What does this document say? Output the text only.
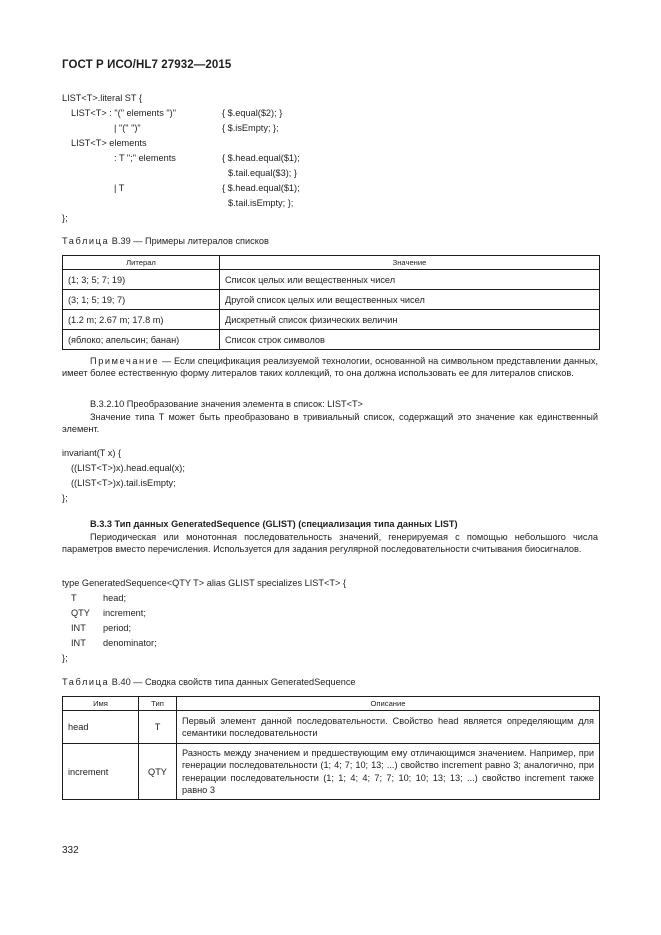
ГОСТ Р ИСО/HL7 27932—2015
LIST<T>.literal ST {
LIST<T> : "(" elements ")"	{ $.equal($2); }
| "(" ")"	{ $.isEmpty; };
LIST<T> elements
: T ";" elements	{ $.head.equal($1);
$.tail.equal($3); }
| T	{ $.head.equal($1);
$.tail.isEmpty; };
};
Таблица B.39 — Примеры литералов списков
Литерал	Значение
(1; 3; 5; 7; 19)	Список целых или вещественных чисел
(3; 1; 5; 19; 7)	Другой список целых или вещественных чисел
(1.2 m; 2.67 m; 17.8 m)	Дискретный список физических величин
(яблоко; апельсин; банан)	Список строк символов
Примечание — Если спецификация реализуемой технологии, основанной на символьном представлении данных, имеет более естественную форму литералов таких коллекций, то она должна использовать ее для литералов списков.
B.3.2.10 Преобразование значения элемента в список: LIST<T>
Значение типа T может быть преобразовано в тривиальный список, содержащий это значение как единственный элемент.
invariant(T x) {
((LIST<T>)x).head.equal(x);
((LIST<T>)x).tail.isEmpty;
};
B.3.3 Тип данных GeneratedSequence (GLIST) (специализация типа данных LIST)
Периодическая или монотонная последовательность значений, генерируемая с помощью небольшого числа параметров вместо перечисления. Используется для задания регулярной последовательности считывания биосигналов.
type GeneratedSequence<QTY T> alias GLIST specializes LIST<T> {
T	head;
QTY increment;
INT period;
INT denominator;
};
Таблица B.40 — Сводка свойств типа данных GeneratedSequence
Имя	Тип	Описание
head	T	Первый элемент данной последовательности. Свойство head является определяющим для семантики последовательности
increment	QTY	Разность между значением и предшествующим ему отличающимся значением. Например, при генерации последовательности (1; 4; 7; 10; 13; ...) свойство increment равно 3; аналогично, при генерации последовательности (1; 1; 4; 4; 7; 7; 10; 10; 13; 13; ...) свойство increment также равно 3
332
